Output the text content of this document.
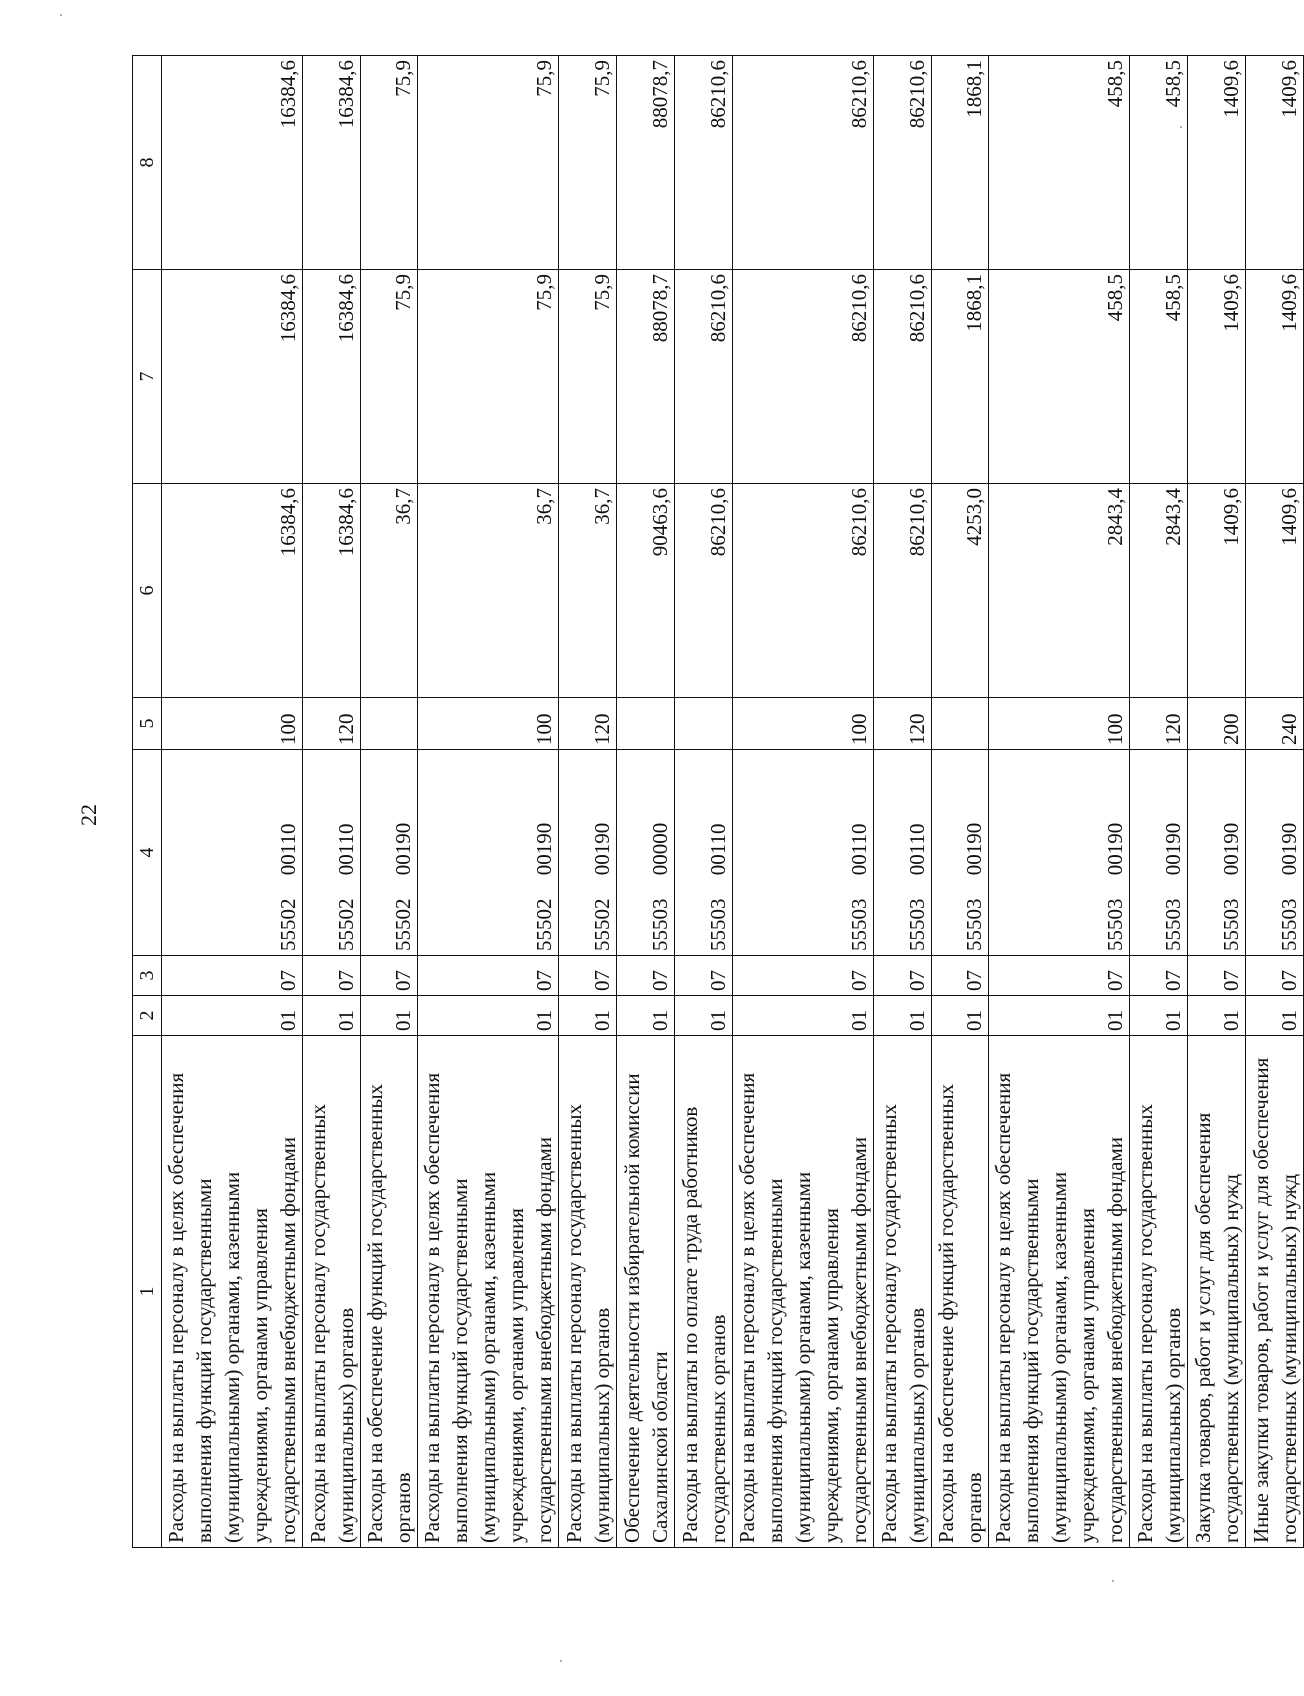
22
1	2	3	4	5	6	7	8
Расходы на выплаты персоналу в целях обеспечения выполнения функций государственными (муниципальными) органами, казенными учреждениями, органами управления государственными внебюджетными фондами	01	07	55502 00110	100	16384,6	16384,6	16384,6
Расходы на выплаты персоналу государственных (муниципальных) органов	01	07	55502 00110	120	16384,6	16384,6	16384,6
Расходы на обеспечение функций государственных органов	01	07	55502 00190		36,7	75,9	75,9
Расходы на выплаты персоналу в целях обеспечения выполнения функций государственными (муниципальными) органами, казенными учреждениями, органами управления государственными внебюджетными фондами	01	07	55502 00190	100	36,7	75,9	75,9
Расходы на выплаты персоналу государственных (муниципальных) органов	01	07	55502 00190	120	36,7	75,9	75,9
Обеспечение деятельности избирательной комиссии Сахалинской области	01	07	55503 00000		90463,6	88078,7	88078,7
Расходы на выплаты по оплате труда работников государственных органов	01	07	55503 00110		86210,6	86210,6	86210,6
Расходы на выплаты персоналу в целях обеспечения выполнения функций государственными (муниципальными) органами, казенными учреждениями, органами управления государственными внебюджетными фондами	01	07	55503 00110	100	86210,6	86210,6	86210,6
Расходы на выплаты персоналу государственных (муниципальных) органов	01	07	55503 00110	120	86210,6	86210,6	86210,6
Расходы на обеспечение функций государственных органов	01	07	55503 00190		4253,0	1868,1	1868,1
Расходы на выплаты персоналу в целях обеспечения выполнения функций государственными (муниципальными) органами, казенными учреждениями, органами управления государственными внебюджетными фондами	01	07	55503 00190	100	2843,4	458,5	458,5
Расходы на выплаты персоналу государственных (муниципальных) органов	01	07	55503 00190	120	2843,4	458,5	458,5
Закупка товаров, работ и услуг для обеспечения государственных (муниципальных) нужд	01	07	55503 00190	200	1409,6	1409,6	1409,6
Иные закупки товаров, работ и услуг для обеспечения государственных (муниципальных) нужд	01	07	55503 00190	240	1409,6	1409,6	1409,6
